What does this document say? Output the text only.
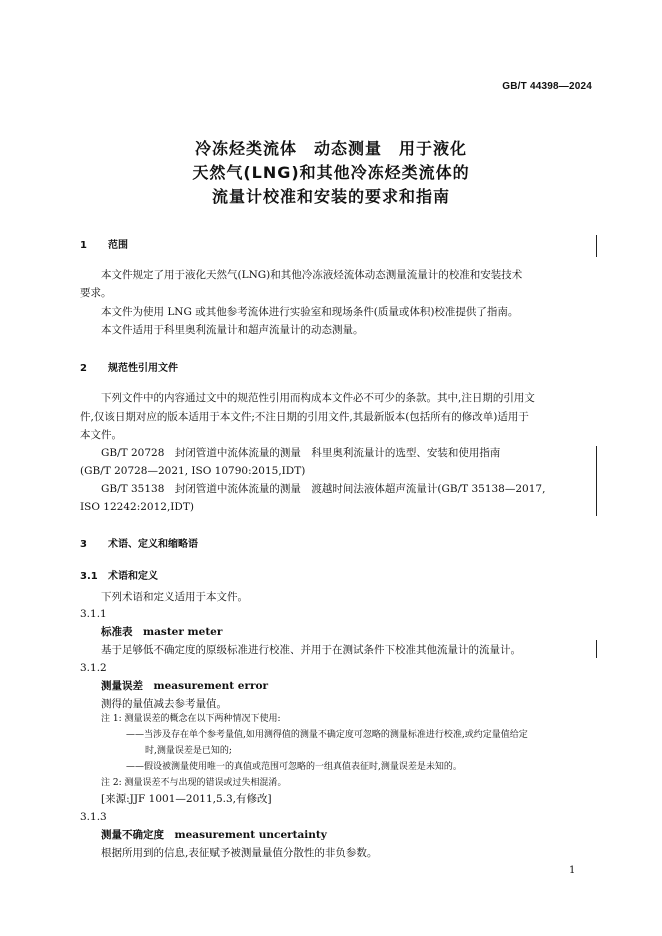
GB/T 44398—2024
冷冻烃类流体　动态测量　用于液化
天然气(LNG)和其他冷冻烃类流体的
流量计校准和安装的要求和指南
1 范围
本文件规定了用于液化天然气(LNG)和其他冷冻液烃流体动态测量流量计的校准和安装技术
要求。
本文件为使用 LNG 或其他参考流体进行实验室和现场条件(质量或体积)校准提供了指南。
本文件适用于科里奥利流量计和超声流量计的动态测量。
2 规范性引用文件
下列文件中的内容通过文中的规范性引用而构成本文件必不可少的条款。其中,注日期的引用文
件,仅该日期对应的版本适用于本文件;不注日期的引用文件,其最新版本(包括所有的修改单)适用于
本文件。
GB/T 20728　封闭管道中流体流量的测量　科里奥利流量计的选型、安装和使用指南
(GB/T 20728—2021, ISO 10790:2015,IDT)
GB/T 35138　封闭管道中流体流量的测量　渡越时间法液体超声流量计(GB/T 35138—2017,
ISO 12242:2012,IDT)
3 术语、定义和缩略语
3.1 术语和定义
下列术语和定义适用于本文件。
3.1.1
标准表　master meter
基于足够低不确定度的原级标准进行校准、并用于在测试条件下校准其他流量计的流量计。
3.1.2
测量误差　measurement error
测得的量值减去参考量值。
注 1: 测量误差的概念在以下两种情况下使用:
——当涉及存在单个参考量值,如用测得值的测量不确定度可忽略的测量标准进行校准,或约定量值给定
时,测量误差是已知的;
——假设被测量使用唯一的真值或范围可忽略的一组真值表征时,测量误差是未知的。
注 2: 测量误差不与出现的错误或过失相混淆。
[来源:JJF 1001—2011,5.3,有修改]
3.1.3
测量不确定度　measurement uncertainty
根据所用到的信息,表征赋予被测量量值分散性的非负参数。
1
